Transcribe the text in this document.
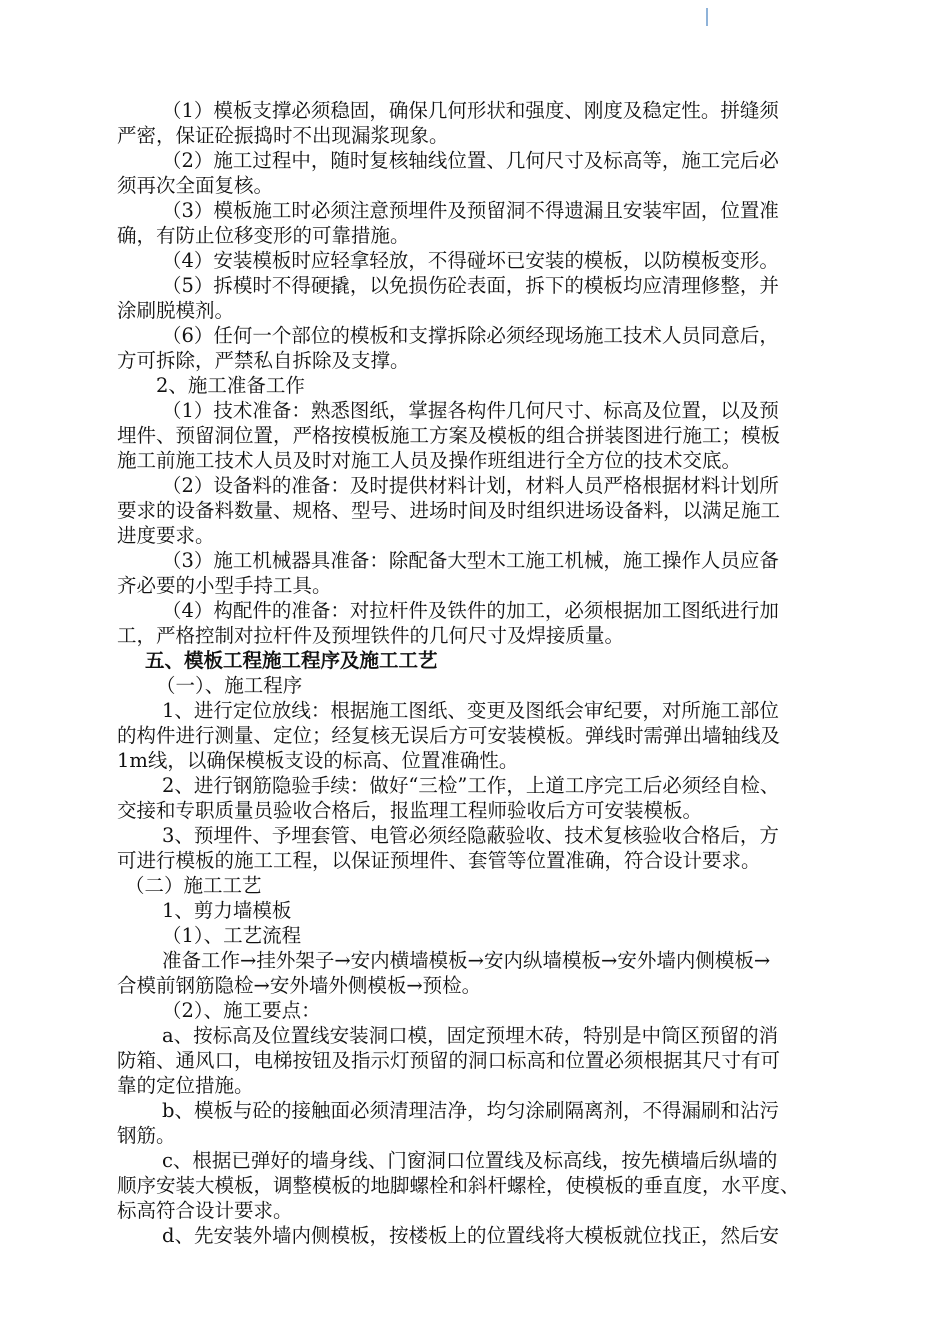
（1）模板支撑必须稳固，确保几何形状和强度、刚度及稳定性。拼缝须

严密，保证砼振捣时不出现漏浆现象。

（2）施工过程中，随时复核轴线位置、几何尺寸及标高等，施工完后必

须再次全面复核。

（3）模板施工时必须注意预埋件及预留洞不得遗漏且安装牢固，位置准

确，有防止位移变形的可靠措施。

（4）安装模板时应轻拿轻放，不得碰坏已安装的模板，以防模板变形。

（5）拆模时不得硬撬，以免损伤砼表面，拆下的模板均应清理修整，并

涂刷脱模剂。

（6）任何一个部位的模板和支撑拆除必须经现场施工技术人员同意后，

方可拆除，严禁私自拆除及支撑。

2、施工准备工作

（1）技术准备：熟悉图纸，掌握各构件几何尺寸、标高及位置，以及预

埋件、预留洞位置，严格按模板施工方案及模板的组合拼装图进行施工；模板

施工前施工技术人员及时对施工人员及操作班组进行全方位的技术交底。

（2）设备料的准备：及时提供材料计划，材料人员严格根据材料计划所

要求的设备料数量、规格、型号、进场时间及时组织进场设备料，以满足施工

进度要求。

（3）施工机械器具准备：除配备大型木工施工机械，施工操作人员应备

齐必要的小型手持工具。

（4）构配件的准备：对拉杆件及铁件的加工，必须根据加工图纸进行加

工，严格控制对拉杆件及预埋铁件的几何尺寸及焊接质量。

五、模板工程施工程序及施工工艺

（一）、施工程序

1、进行定位放线：根据施工图纸、变更及图纸会审纪要，对所施工部位

的构件进行测量、定位；经复核无误后方可安装模板。弹线时需弹出墙轴线及

1m线，以确保模板支设的标高、位置准确性。

2、进行钢筋隐验手续：做好“三检”工作，上道工序完工后必须经自检、

交接和专职质量员验收合格后，报监理工程师验收后方可安装模板。

3、预埋件、予埋套管、电管必须经隐蔽验收、技术复核验收合格后，方

可进行模板的施工工程，以保证预埋件、套管等位置准确，符合设计要求。

（二）施工工艺

1、剪力墙模板

（1）、工艺流程

准备工作→挂外架子→安内横墙模板→安内纵墙模板→安外墙内侧模板→

合模前钢筋隐检→安外墙外侧模板→预检。

（2）、施工要点：

a、按标高及位置线安装洞口模，固定预埋木砖，特别是中筒区预留的消

防箱、通风口，电梯按钮及指示灯预留的洞口标高和位置必须根据其尺寸有可

靠的定位措施。

b、模板与砼的接触面必须清理洁净，均匀涂刷隔离剂，不得漏刷和沾污

钢筋。

c、根据已弹好的墙身线、门窗洞口位置线及标高线，按先横墙后纵墙的

顺序安装大模板，调整模板的地脚螺栓和斜杆螺栓，使模板的垂直度，水平度、

标高符合设计要求。

d、先安装外墙内侧模板，按楼板上的位置线将大模板就位找正，然后安
